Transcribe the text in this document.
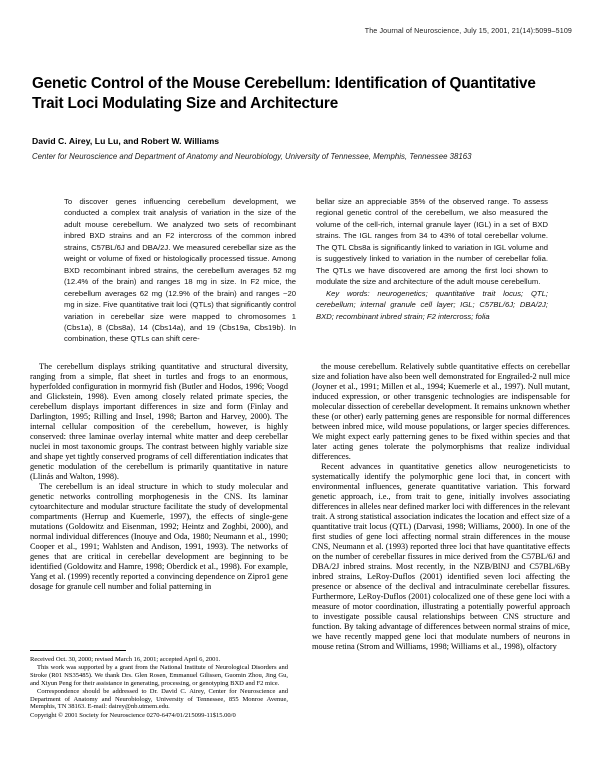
The Journal of Neuroscience, July 15, 2001, 21(14):5099–5109
Genetic Control of the Mouse Cerebellum: Identification of Quantitative Trait Loci Modulating Size and Architecture
David C. Airey, Lu Lu, and Robert W. Williams
Center for Neuroscience and Department of Anatomy and Neurobiology, University of Tennessee, Memphis, Tennessee 38163

To discover genes influencing cerebellum development, we conducted a complex trait analysis of variation in the size of the adult mouse cerebellum. We analyzed two sets of recombinant inbred BXD strains and an F2 intercross of the common inbred strains, C57BL/6J and DBA/2J. We measured cerebellar size as the weight or volume of fixed or histologically processed tissue. Among BXD recombinant inbred strains, the cerebellum averages 52 mg (12.4% of the brain) and ranges 18 mg in size. In F2 mice, the cerebellum averages 62 mg (12.9% of the brain) and ranges ~20 mg in size. Five quantitative trait loci (QTLs) that significantly control variation in cerebellar size were mapped to chromosomes 1 (Cbs1a), 8 (Cbs8a), 14 (Cbs14a), and 19 (Cbs19a, Cbs19b). In combination, these QTLs can shift cere-

bellar size an appreciable 35% of the observed range. To assess regional genetic control of the cerebellum, we also measured the volume of the cell-rich, internal granule layer (IGL) in a set of BXD strains. The IGL ranges from 34 to 43% of total cerebellar volume. The QTL Cbs8a is significantly linked to variation in IGL volume and is suggestively linked to variation in the number of cerebellar folia. The QTLs we have discovered are among the first loci shown to modulate the size and architecture of the adult mouse cerebellum.

Key words: neurogenetics; quantitative trait locus; QTL; cerebellum; internal granule cell layer; IGL; C57BL/6J; DBA/2J; BXD; recombinant inbred strain; F2 intercross; folia

The cerebellum displays striking quantitative and structural diversity, ranging from a simple, flat sheet in turtles and frogs to an enormous, hyperfolded configuration in mormyrid fish (Butler and Hodos, 1996; Voogd and Glickstein, 1998). Even among closely related primate species, the cerebellum displays important differences in size and form (Finlay and Darlington, 1995; Rilling and Insel, 1998; Barton and Harvey, 2000). The internal cellular composition of the cerebellum, however, is highly conserved: three laminae overlay internal white matter and deep cerebellar nuclei in most taxonomic groups. The contrast between highly variable size and shape yet tightly conserved programs of cell differentiation indicates that genetic modulation of the cerebellum is primarily quantitative in nature (Llinás and Walton, 1998).

The cerebellum is an ideal structure in which to study molecular and genetic networks controlling morphogenesis in the CNS. Its laminar cytoarchitecture and modular structure facilitate the study of developmental compartments (Herrup and Kuemerle, 1997), the effects of single-gene mutations (Goldowitz and Eisenman, 1992; Heintz and Zoghbi, 2000), and normal individual differences (Inouye and Oda, 1980; Neumann et al., 1990; Cooper et al., 1991; Wahlsten and Andison, 1991, 1993). The networks of genes that are critical in cerebellar development are beginning to be identified (Goldowitz and Hamre, 1998; Oberdick et al., 1998). For example, Yang et al. (1999) recently reported a convincing dependence on Zipro1 gene dosage for granule cell number and folial patterning in

the mouse cerebellum. Relatively subtle quantitative effects on cerebellar size and foliation have also been well demonstrated for Engrailed-2 null mice (Joyner et al., 1991; Millen et al., 1994; Kuemerle et al., 1997). Null mutant, induced expression, or other transgenic technologies are indispensable for molecular dissection of cerebellar development. It remains unknown whether these (or other) early patterning genes are responsible for normal differences between inbred mice, wild mouse populations, or larger species differences. We might expect early patterning genes to be fixed within species and that later acting genes tolerate the polymorphisms that realize individual differences.

Recent advances in quantitative genetics allow neurogeneticists to systematically identify the polymorphic gene loci that, in concert with environmental influences, generate quantitative variation. This forward genetic approach, i.e., from trait to gene, initially involves associating differences in alleles near defined marker loci with differences in the relevant trait. A strong statistical association indicates the location and effect size of a quantitative trait locus (QTL) (Darvasi, 1998; Williams, 2000). In one of the first studies of gene loci affecting normal strain differences in the mouse CNS, Neumann et al. (1993) reported three loci that have quantitative effects on the number of cerebellar fissures in mice derived from the C57BL/6J and DBA/2J inbred strains. Most recently, in the NZB/BlNJ and C57BL/6By inbred strains, LeRoy-Duflos (2001) identified seven loci affecting the presence or absence of the declival and intraculminate cerebellar fissures. Furthermore, LeRoy-Duflos (2001) colocalized one of these gene loci with a measure of motor coordination, illustrating a potentially powerful approach to investigate possible causal relationships between CNS structure and function. By taking advantage of differences between normal strains of mice, we have recently mapped gene loci that modulate numbers of neurons in mouse retina (Strom and Williams, 1998; Williams et al., 1998), olfactory

Received Oct. 30, 2000; revised March 16, 2001; accepted April 6, 2001.

This work was supported by a grant from the National Institute of Neurological Disorders and Stroke (R01 NS35485). We thank Drs. Glen Rosen, Emmanuel Gilissen, Guomin Zhou, Jing Gu, and Xiyun Peng for their assistance in generating, processing, or genotyping BXD and F2 mice.

Correspondence should be addressed to Dr. David C. Airey, Center for Neuroscience and Department of Anatomy and Neurobiology, University of Tennessee, 855 Monroe Avenue, Memphis, TN 38163. E-mail: dairey@nb.utmem.edu.

Copyright © 2001 Society for Neuroscience 0270-6474/01/215099-11$15.00/0
